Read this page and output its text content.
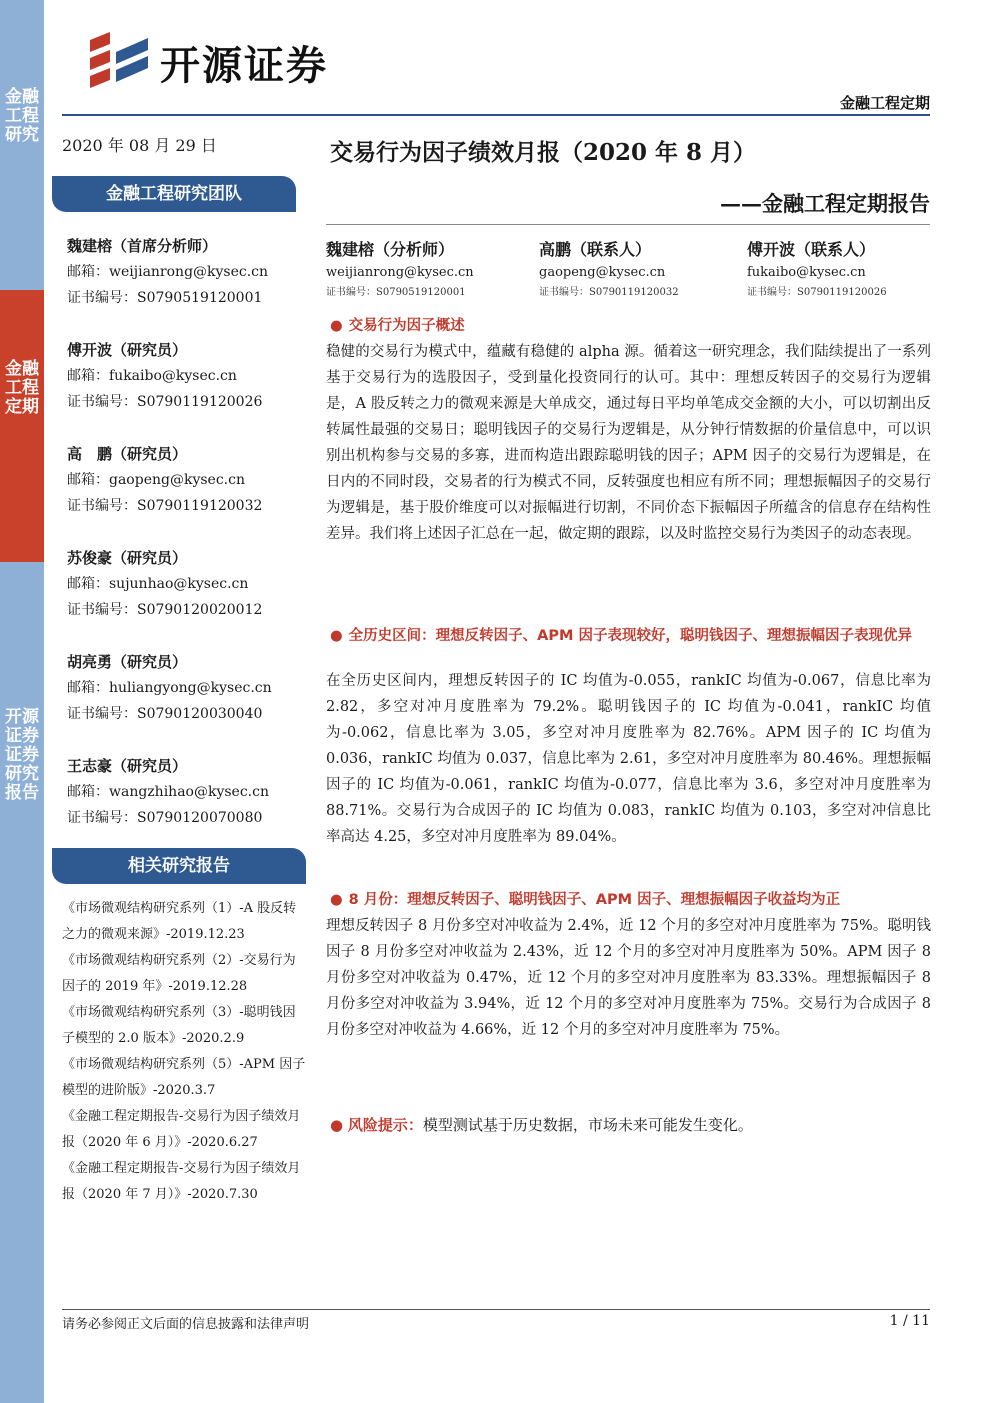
金融工程研究
金融工程定期
开源证券 证券研究报告
开源证券
金融工程定期
2020 年 08 月 29 日	交易行为因子绩效月报（2020 年 8 月）
——金融工程定期报告
金融工程研究团队
魏建榕（首席分析师）
邮箱：weijianrong@kysec.cn
证书编号：S0790519120001
傅开波（研究员）
邮箱：fukaibo@kysec.cn
证书编号：S0790119120026
高　鹏（研究员）
邮箱：gaopeng@kysec.cn
证书编号：S0790119120032
苏俊豪（研究员）
邮箱：sujunhao@kysec.cn
证书编号：S0790120020012
胡亮勇（研究员）
邮箱：huliangyong@kysec.cn
证书编号：S0790120030040
王志豪（研究员）
邮箱：wangzhihao@kysec.cn
证书编号：S0790120070080
相关研究报告
《市场微观结构研究系列（1）-A 股反转之力的微观来源》-2019.12.23
《市场微观结构研究系列（2）-交易行为因子的 2019 年》-2019.12.28
《市场微观结构研究系列（3）-聪明钱因子模型的 2.0 版本》-2020.2.9
《市场微观结构研究系列（5）-APM 因子模型的进阶版》-2020.3.7
《金融工程定期报告-交易行为因子绩效月报（2020 年 6 月）》-2020.6.27
《金融工程定期报告-交易行为因子绩效月报（2020 年 7 月）》-2020.7.30
魏建榕（分析师）
weijianrong@kysec.cn
证书编号：S0790519120001
高鹏（联系人）
gaopeng@kysec.cn
证书编号：S0790119120032
傅开波（联系人）
fukaibo@kysec.cn
证书编号：S0790119120026
● 交易行为因子概述
稳健的交易行为模式中，蕴藏有稳健的 alpha 源。循着这一研究理念，我们陆续提出了一系列基于交易行为的选股因子，受到量化投资同行的认可。其中：理想反转因子的交易行为逻辑是，A 股反转之力的微观来源是大单成交，通过每日平均单笔成交金额的大小，可以切割出反转属性最强的交易日；聪明钱因子的交易行为逻辑是，从分钟行情数据的价量信息中，可以识别出机构参与交易的多寡，进而构造出跟踪聪明钱的因子；APM 因子的交易行为逻辑是，在日内的不同时段，交易者的行为模式不同，反转强度也相应有所不同；理想振幅因子的交易行为逻辑是，基于股价维度可以对振幅进行切割，不同价态下振幅因子所蕴含的信息存在结构性差异。我们将上述因子汇总在一起，做定期的跟踪，以及时监控交易行为类因子的动态表现。
● 全历史区间：理想反转因子、APM 因子表现较好，聪明钱因子、理想振幅因子表现优异
在全历史区间内，理想反转因子的 IC 均值为-0.055，rankIC 均值为-0.067，信息比率为 2.82，多空对冲月度胜率为 79.2%。聪明钱因子的 IC 均值为-0.041，rankIC 均值为-0.062，信息比率为 3.05，多空对冲月度胜率为 82.76%。APM 因子的 IC 均值为 0.036，rankIC 均值为 0.037，信息比率为 2.61，多空对冲月度胜率为 80.46%。理想振幅因子的 IC 均值为-0.061，rankIC 均值为-0.077，信息比率为 3.6，多空对冲月度胜率为 88.71%。交易行为合成因子的 IC 均值为 0.083，rankIC 均值为 0.103，多空对冲信息比率高达 4.25，多空对冲月度胜率为 89.04%。
● 8 月份：理想反转因子、聪明钱因子、APM 因子、理想振幅因子收益均为正
理想反转因子 8 月份多空对冲收益为 2.4%，近 12 个月的多空对冲月度胜率为 75%。聪明钱因子 8 月份多空对冲收益为 2.43%，近 12 个月的多空对冲月度胜率为 50%。APM 因子 8 月份多空对冲收益为 0.47%，近 12 个月的多空对冲月度胜率为 83.33%。理想振幅因子 8 月份多空对冲收益为 3.94%，近 12 个月的多空对冲月度胜率为 75%。交易行为合成因子 8 月份多空对冲收益为 4.66%，近 12 个月的多空对冲月度胜率为 75%。
● 风险提示：模型测试基于历史数据，市场未来可能发生变化。
请务必参阅正文后面的信息披露和法律声明	1 / 11
